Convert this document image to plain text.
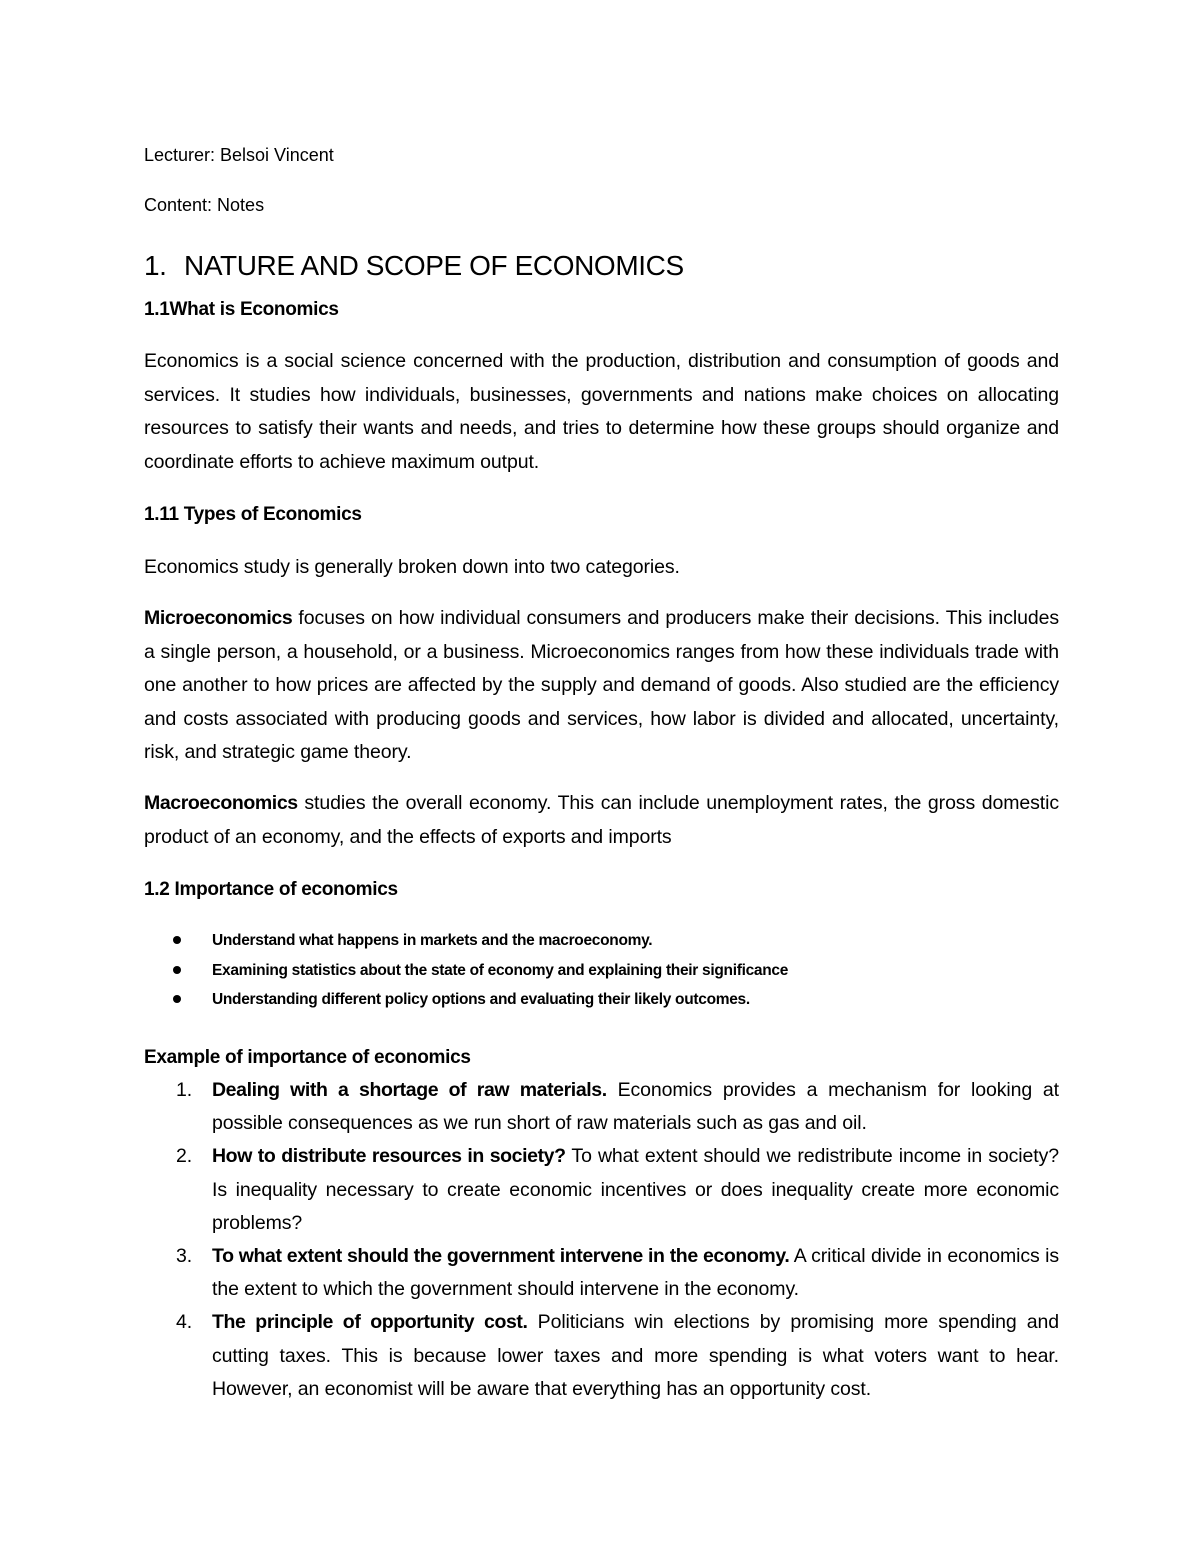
Lecturer: Belsoi Vincent
Content: Notes
1. NATURE AND SCOPE OF ECONOMICS
1.1What is Economics
Economics is a social science concerned with the production, distribution and consumption of goods and services. It studies how individuals, businesses, governments and nations make choices on allocating resources to satisfy their wants and needs, and tries to determine how these groups should organize and coordinate efforts to achieve maximum output.
1.11 Types of Economics
Economics study is generally broken down into two categories.
Microeconomics focuses on how individual consumers and producers make their decisions. This includes a single person, a household, or a business. Microeconomics ranges from how these individuals trade with one another to how prices are affected by the supply and demand of goods. Also studied are the efficiency and costs associated with producing goods and services, how labor is divided and allocated, uncertainty, risk, and strategic game theory.
Macroeconomics studies the overall economy. This can include unemployment rates, the gross domestic product of an economy, and the effects of exports and imports
1.2 Importance of economics
Understand what happens in markets and the macroeconomy.
Examining statistics about the state of economy and explaining their significance
Understanding different policy options and evaluating their likely outcomes.
Example of importance of economics
1. Dealing with a shortage of raw materials. Economics provides a mechanism for looking at possible consequences as we run short of raw materials such as gas and oil.
2. How to distribute resources in society? To what extent should we redistribute income in society? Is inequality necessary to create economic incentives or does inequality create more economic problems?
3. To what extent should the government intervene in the economy. A critical divide in economics is the extent to which the government should intervene in the economy.
4. The principle of opportunity cost. Politicians win elections by promising more spending and cutting taxes. This is because lower taxes and more spending is what voters want to hear. However, an economist will be aware that everything has an opportunity cost.
